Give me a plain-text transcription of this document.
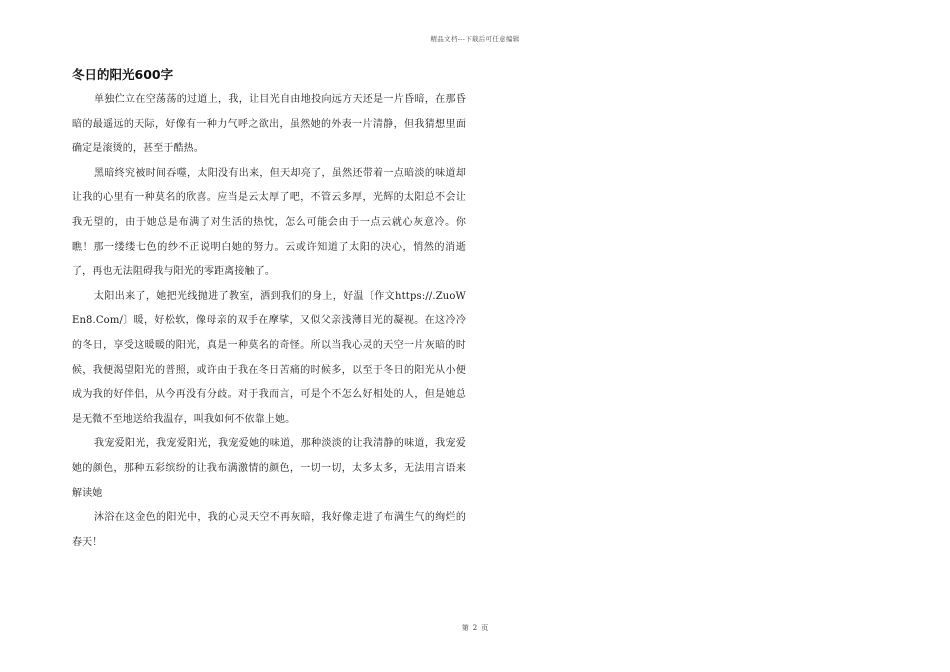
精品文档---下载后可任意编辑
冬日的阳光600字

单独伫立在空荡荡的过道上，我，让目光自由地投向远方天还是一片昏暗，在那昏暗的最遥远的天际，好像有一种力气呼之欲出，虽然她的外表一片清静，但我猜想里面确定是滚烫的，甚至于酷热。

黑暗终究被时间吞噬，太阳没有出来，但天却亮了，虽然还带着一点暗淡的味道却让我的心里有一种莫名的欣喜。应当是云太厚了吧，不管云多厚，光辉的太阳总不会让我无望的，由于她总是布满了对生活的热忱，怎么可能会由于一点云就心灰意冷。你瞧！那一缕缕七色的纱不正说明白她的努力。云或许知道了太阳的决心，悄然的消逝了，再也无法阻碍我与阳光的零距离接触了。

太阳出来了，她把光线抛进了教室，洒到我们的身上，好温〔作文https://.ZuoWEn8.Com/〕暖，好松软，像母亲的双手在摩挲，又似父亲浅薄目光的凝视。在这冷冷的冬日，享受这暖暖的阳光，真是一种莫名的奇怪。所以当我心灵的天空一片灰暗的时候，我便渴望阳光的普照，或许由于我在冬日苦痛的时候多，以至于冬日的阳光从小便成为我的好伴侣，从今再没有分歧。对于我而言，可是个不怎么好相处的人，但是她总是无微不至地送给我温存，叫我如何不依靠上她。

我宠爱阳光，我宠爱阳光，我宠爱她的味道，那种淡淡的让我清静的味道，我宠爱她的颜色，那种五彩缤纷的让我布满激情的颜色，一切一切，太多太多，无法用言语来解读她

沐浴在这金色的阳光中，我的心灵天空不再灰暗，我好像走进了布满生气的绚烂的春天！

第 2 页
